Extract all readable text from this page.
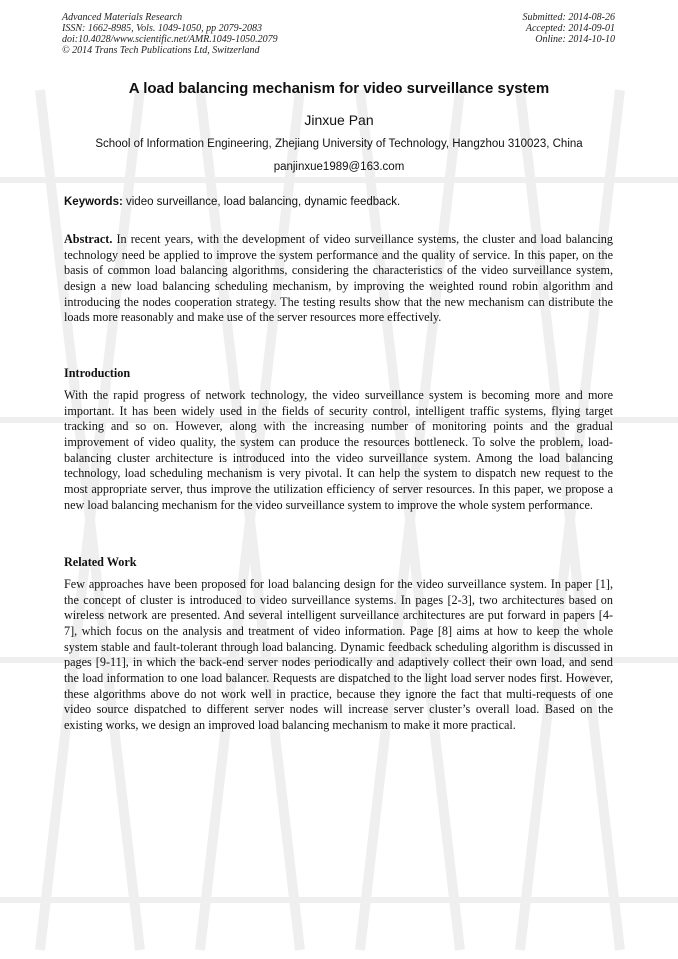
Advanced Materials Research
ISSN: 1662-8985, Vols. 1049-1050, pp 2079-2083
doi:10.4028/www.scientific.net/AMR.1049-1050.2079
© 2014 Trans Tech Publications Ltd, Switzerland
Submitted: 2014-08-26
Accepted: 2014-09-01
Online: 2014-10-10
A load balancing mechanism for video surveillance system
Jinxue Pan
School of Information Engineering, Zhejiang University of Technology, Hangzhou 310023, China
panjinxue1989@163.com
Keywords: video surveillance, load balancing, dynamic feedback.
Abstract. In recent years, with the development of video surveillance systems, the cluster and load balancing technology need be applied to improve the system performance and the quality of service. In this paper, on the basis of common load balancing algorithms, considering the characteristics of the video surveillance system, design a new load balancing scheduling mechanism, by improving the weighted round robin algorithm and introducing the nodes cooperation strategy. The testing results show that the new mechanism can distribute the loads more reasonably and make use of the server resources more effectively.
Introduction
With the rapid progress of network technology, the video surveillance system is becoming more and more important. It has been widely used in the fields of security control, intelligent traffic systems, flying target tracking and so on. However, along with the increasing number of monitoring points and the gradual improvement of video quality, the system can produce the resources bottleneck. To solve the problem, load-balancing cluster architecture is introduced into the video surveillance system. Among the load balancing technology, load scheduling mechanism is very pivotal. It can help the system to dispatch new request to the most appropriate server, thus improve the utilization efficiency of server resources. In this paper, we propose a new load balancing mechanism for the video surveillance system to improve the whole system performance.
Related Work
Few approaches have been proposed for load balancing design for the video surveillance system. In paper [1], the concept of cluster is introduced to video surveillance systems. In pages [2-3], two architectures based on wireless network are presented. And several intelligent surveillance architectures are put forward in papers [4-7], which focus on the analysis and treatment of video information. Page [8] aims at how to keep the whole system stable and fault-tolerant through load balancing. Dynamic feedback scheduling algorithm is discussed in pages [9-11], in which the back-end server nodes periodically and adaptively collect their own load, and send the load information to one load balancer. Requests are dispatched to the light load server nodes first. However, these algorithms above do not work well in practice, because they ignore the fact that multi-requests of one video source dispatched to different server nodes will increase server cluster’s overall load. Based on the existing works, we design an improved load balancing mechanism to make it more practical.
